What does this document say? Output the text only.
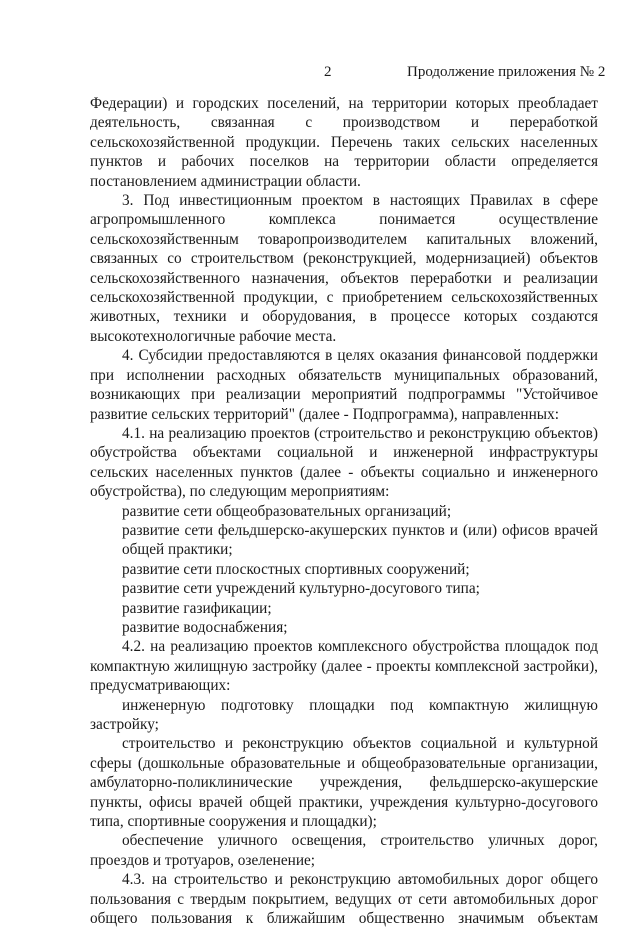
2	Продолжение приложения № 2

Федерации) и городских поселений, на территории которых преобладает деятельность, связанная с производством и переработкой сельскохозяйственной продукции. Перечень таких сельских населенных пунктов и рабочих поселков на территории области определяется постановлением администрации области.

3. Под инвестиционным проектом в настоящих Правилах в сфере агропромышленного комплекса понимается осуществление сельскохозяйственным товаропроизводителем капитальных вложений, связанных со строительством (реконструкцией, модернизацией) объектов сельскохозяйственного назначения, объектов переработки и реализации сельскохозяйственной продукции, с приобретением сельскохозяйственных животных, техники и оборудования, в процессе которых создаются высокотехнологичные рабочие места.

4. Субсидии предоставляются в целях оказания финансовой поддержки при исполнении расходных обязательств муниципальных образований, возникающих при реализации мероприятий подпрограммы "Устойчивое развитие сельских территорий" (далее - Подпрограмма), направленных:

4.1. на реализацию проектов (строительство и реконструкцию объектов) обустройства объектами социальной и инженерной инфраструктуры сельских населенных пунктов (далее - объекты социально и инженерного обустройства), по следующим мероприятиям:

развитие сети общеобразовательных организаций;

развитие сети фельдшерско-акушерских пунктов и (или) офисов врачей общей практики;

развитие сети плоскостных спортивных сооружений;

развитие сети учреждений культурно-досугового типа;

развитие газификации;

развитие водоснабжения;

4.2. на реализацию проектов комплексного обустройства площадок под компактную жилищную застройку (далее - проекты комплексной застройки), предусматривающих:

инженерную подготовку площадки под компактную жилищную застройку;

строительство и реконструкцию объектов социальной и культурной сферы (дошкольные образовательные и общеобразовательные организации, амбулаторно-поликлинические учреждения, фельдшерско-акушерские пункты, офисы врачей общей практики, учреждения культурно-досугового типа, спортивные сооружения и площадки);

обеспечение уличного освещения, строительство уличных дорог, проездов и тротуаров, озеленение;

4.3. на строительство и реконструкцию автомобильных дорог общего пользования с твердым покрытием, ведущих от сети автомобильных дорог общего пользования к ближайшим общественно значимым объектам
